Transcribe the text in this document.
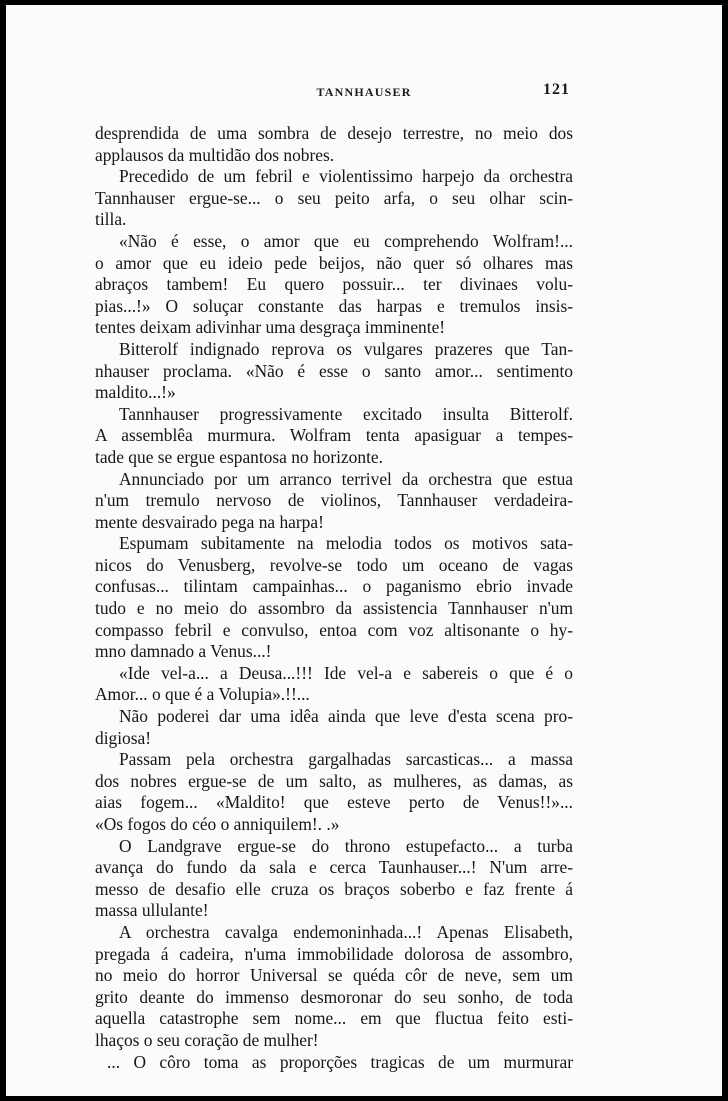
TANNHAUSER	121
desprendida de uma sombra de desejo terrestre, no meio dos
applausos da multidão dos nobres.
Precedido de um febril e violentissimo harpejo da orchestra
Tannhauser ergue-se... o seu peito arfa, o seu olhar scin-
tilla.
«Não é esse, o amor que eu comprehendo Wolfram!...
o amor que eu ideio pede beijos, não quer só olhares mas
abraços tambem! Eu quero possuir... ter divinaes volu-
pias...!» O soluçar constante das harpas e tremulos insis-
tentes deixam adivinhar uma desgraça imminente!
Bitterolf indignado reprova os vulgares prazeres que Tan-
nhauser proclama. «Não é esse o santo amor... sentimento
maldito...!»
Tannhauser progressivamente excitado insulta Bitterolf.
A assemblêa murmura. Wolfram tenta apasiguar a tempes-
tade que se ergue espantosa no horizonte.
Annunciado por um arranco terrivel da orchestra que estua
n'um tremulo nervoso de violinos, Tannhauser verdadeira-
mente desvairado pega na harpa!
Espumam subitamente na melodia todos os motivos sata-
nicos do Venusberg, revolve-se todo um oceano de vagas
confusas... tilintam campainhas... o paganismo ebrio invade
tudo e no meio do assombro da assistencia Tannhauser n'um
compasso febril e convulso, entoa com voz altisonante o hy-
mno damnado a Venus...!
«Ide vel-a... a Deusa...!!! Ide vel-a e sabereis o que é o
Amor... o que é a Volupia».!!...
Não poderei dar uma idêa ainda que leve d'esta scena pro-
digiosa!
Passam pela orchestra gargalhadas sarcasticas... a massa
dos nobres ergue-se de um salto, as mulheres, as damas, as
aias fogem... «Maldito! que esteve perto de Venus!!»...
«Os fogos do céo o anniquilem!. .»
O Landgrave ergue-se do throno estupefacto... a turba
avança do fundo da sala e cerca Taunhauser...! N'um arre-
messo de desafio elle cruza os braços soberbo e faz frente á
massa ullulante!
A orchestra cavalga endemoninhada...! Apenas Elisabeth,
pregada á cadeira, n'uma immobilidade dolorosa de assombro,
no meio do horror Universal se quéda côr de neve, sem um
grito deante do immenso desmoronar do seu sonho, de toda
aquella catastrophe sem nome... em que fluctua feito esti-
lhaços o seu coração de mulher!
... O côro toma as proporções tragicas de um murmurar
